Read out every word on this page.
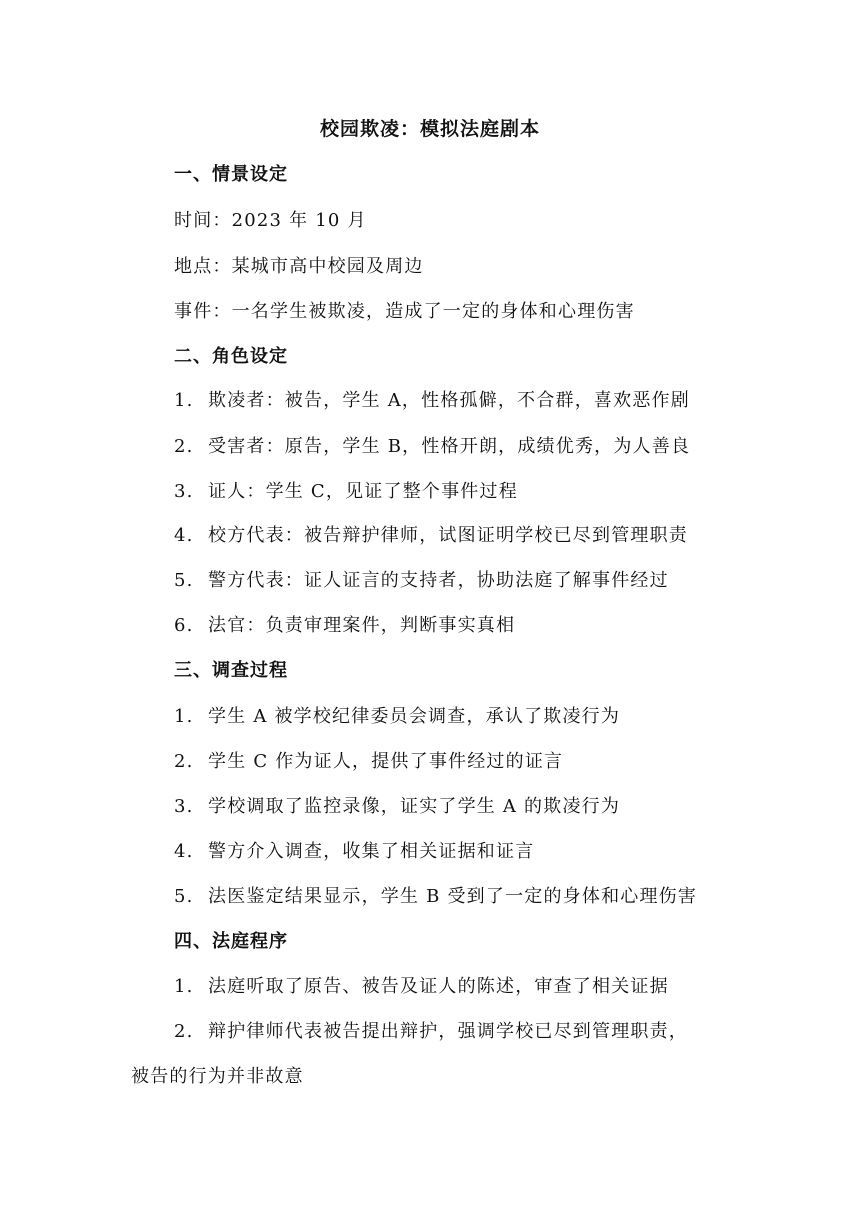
校园欺凌：模拟法庭剧本
一、情景设定
时间：2023 年 10 月
地点：某城市高中校园及周边
事件：一名学生被欺凌，造成了一定的身体和心理伤害
二、角色设定
1. 欺凌者：被告，学生 A，性格孤僻，不合群，喜欢恶作剧
2. 受害者：原告，学生 B，性格开朗，成绩优秀，为人善良
3. 证人：学生 C，见证了整个事件过程
4. 校方代表：被告辩护律师，试图证明学校已尽到管理职责
5. 警方代表：证人证言的支持者，协助法庭了解事件经过
6. 法官：负责审理案件，判断事实真相
三、调查过程
1. 学生 A 被学校纪律委员会调查，承认了欺凌行为
2. 学生 C 作为证人，提供了事件经过的证言
3. 学校调取了监控录像，证实了学生 A 的欺凌行为
4. 警方介入调查，收集了相关证据和证言
5. 法医鉴定结果显示，学生 B 受到了一定的身体和心理伤害
四、法庭程序
1. 法庭听取了原告、被告及证人的陈述，审查了相关证据
2. 辩护律师代表被告提出辩护，强调学校已尽到管理职责，
被告的行为并非故意
